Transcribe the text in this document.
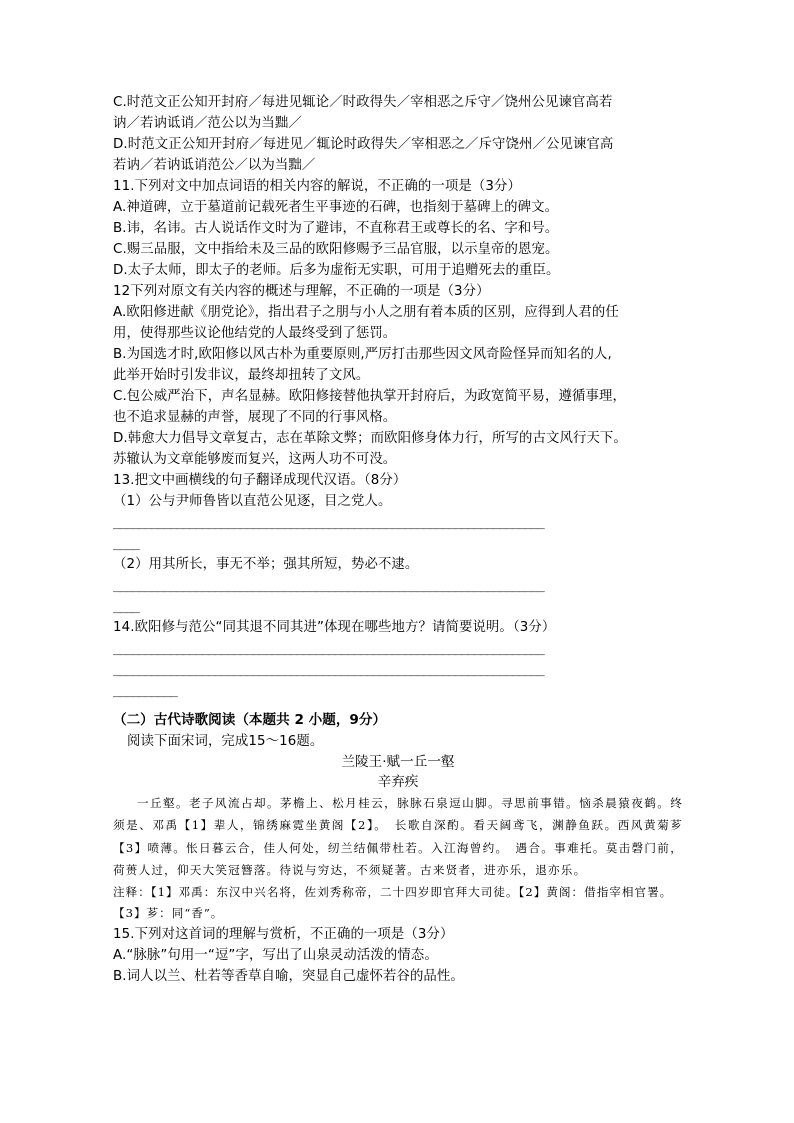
C.时范文正公知开封府／每进见辄论／时政得失／宰相恶之斥守／饶州公见谏官高若
讷／若讷诋诮／范公以为当黜／
D.时范文正公知开封府／每进见／辄论时政得失／宰相恶之／斥守饶州／公见谏官高
若讷／若讷诋诮范公／以为当黜／
11.下列对文中加点词语的相关内容的解说，不正确的一项是（3分）
A.神道碑，立于墓道前记载死者生平事迹的石碑，也指刻于墓碑上的碑文。
B.讳，名讳。古人说话作文时为了避讳，不直称君王或尊长的名、字和号。
C.赐三品服，文中指给未及三品的欧阳修赐予三品官服，以示皇帝的恩宠。
D.太子太师，即太子的老师。后多为虚衔无实职，可用于追赠死去的重臣。
12下列对原文有关内容的概述与理解，不正确的一项是（3分）
A.欧阳修进献《朋党论》，指出君子之朋与小人之朋有着本质的区别，应得到人君的任
用，使得那些议论他结党的人最终受到了惩罚。
B.为国选才时,欧阳修以风古朴为重要原则,严厉打击那些因文风奇险怪异而知名的人,
此举开始时引发非议，最终却扭转了文风。
C.包公威严治下，声名显赫。欧阳修接替他执掌开封府后，为政宽简平易，遵循事理，
也不追求显赫的声誉，展现了不同的行事风格。
D.韩愈大力倡导文章复古，志在革除文弊；而欧阳修身体力行，所写的古文风行天下。
苏辙认为文章能够废而复兴，这两人功不可没。
13.把文中画横线的句子翻译成现代汉语。（8分）
（1）公与尹师鲁皆以直范公见逐，目之党人。
____________________________________________________________________
____
（2）用其所长，事无不举；强其所短，势必不逮。
____________________________________________________________________
____
14.欧阳修与范公“同其退不同其进”体现在哪些地方？请简要说明。（3分）
____________________________________________________________________
____________________________________________________________________
__________
（二）古代诗歌阅读（本题共 2 小题，9分）
阅读下面宋词，完成15～16题。
兰陵王·赋一丘一壑
辛弃疾
一丘壑。老子风流占却。茅檐上、松月桂云，脉脉石泉逗山脚。寻思前事错。恼杀晨猿夜鹤。终须是、邓禹【1】辈人，锦绣麻霓坐黄阁【2】。　长歌自深酌。看天阔鸢飞，渊静鱼跃。西风黄菊芗【3】喷薄。怅日暮云合，佳人何处，纫兰结佩带杜若。入江海曾约。　遇合。事难托。莫击磬门前，荷蒉人过，仰天大笑冠簪落。待说与穷达，不须疑著。古来贤者，进亦乐，退亦乐。
注释：【1】邓禹：东汉中兴名将，佐刘秀称帝，二十四岁即官拜大司徒。【2】黄阁：借指宰相官署。【3】芗：同“香”。
15.下列对这首词的理解与赏析，不正确的一项是（3分）
A.“脉脉”句用一“逗”字，写出了山泉灵动活泼的情态。
B.词人以兰、杜若等香草自喻，突显自己虚怀若谷的品性。
